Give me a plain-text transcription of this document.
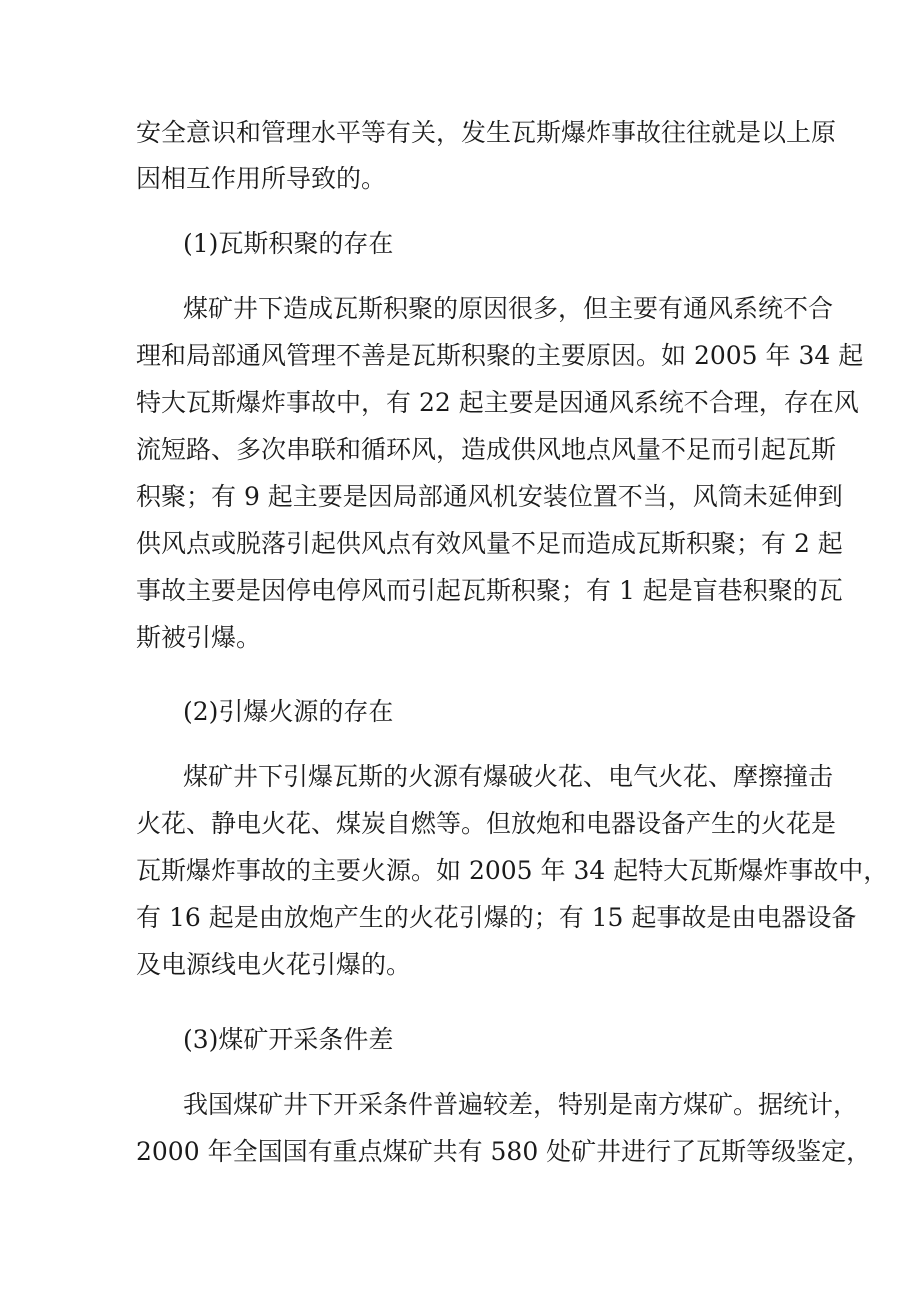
安全意识和管理水平等有关，发生瓦斯爆炸事故往往就是以上原
因相互作用所导致的。
(1)瓦斯积聚的存在
煤矿井下造成瓦斯积聚的原因很多，但主要有通风系统不合
理和局部通风管理不善是瓦斯积聚的主要原因。如 2005 年 34 起
特大瓦斯爆炸事故中，有 22 起主要是因通风系统不合理，存在风
流短路、多次串联和循环风，造成供风地点风量不足而引起瓦斯
积聚；有 9 起主要是因局部通风机安装位置不当，风筒未延伸到
供风点或脱落引起供风点有效风量不足而造成瓦斯积聚；有 2 起
事故主要是因停电停风而引起瓦斯积聚；有 1 起是盲巷积聚的瓦
斯被引爆。
(2)引爆火源的存在
煤矿井下引爆瓦斯的火源有爆破火花、电气火花、摩擦撞击
火花、静电火花、煤炭自燃等。但放炮和电器设备产生的火花是
瓦斯爆炸事故的主要火源。如 2005 年 34 起特大瓦斯爆炸事故中，
有 16 起是由放炮产生的火花引爆的；有 15 起事故是由电器设备
及电源线电火花引爆的。
(3)煤矿开采条件差
我国煤矿井下开采条件普遍较差，特别是南方煤矿。据统计，
2000 年全国国有重点煤矿共有 580 处矿井进行了瓦斯等级鉴定，
